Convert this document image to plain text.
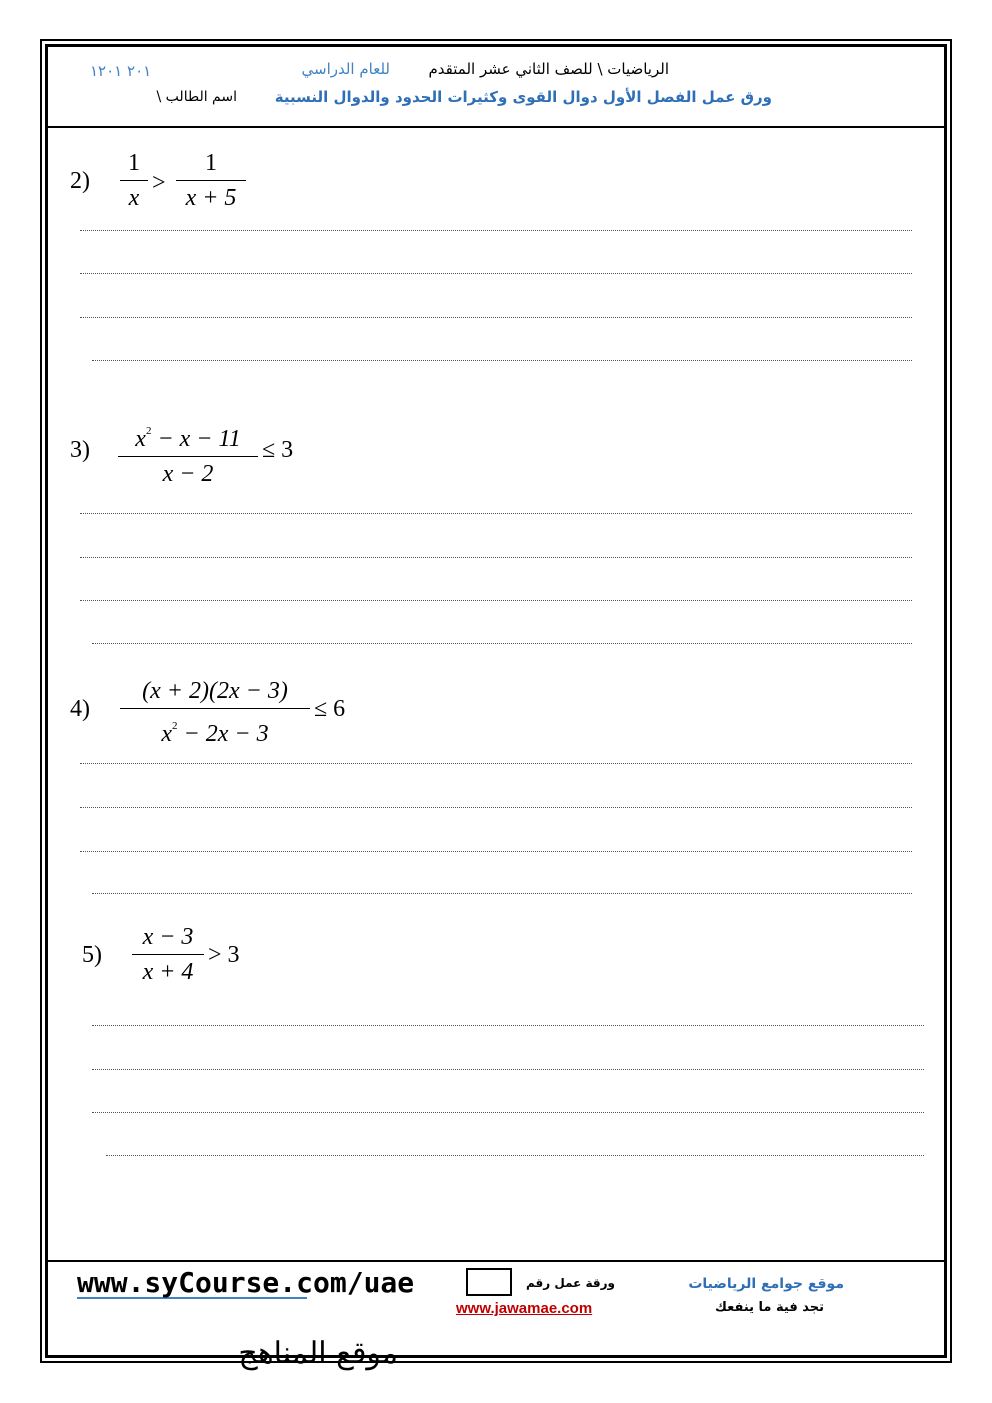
الرياضيات \ للصف الثاني عشر المتقدم
للعام الدراسي
٢٠١ ١٢٠١
ورق عمل الفصل الأول دوال القوى وكثيرات الحدود والدوال النسبية
اسم الطالب \
2)
1
x
>
1
x + 5
3)	$x^2 - x - 11$
x − 2
≤ 3
4)
(x + 2)(2x − 3)
$x^2 - 2x - 3$
≤ 6
5)
x − 3
x + 4
> 3
www.syCourse.com/uae	ورقة عمل رقم
www.jawamae.com
موقع جوامع الرياضيات
تجد فية ما ينفعك
موقع المناهج
